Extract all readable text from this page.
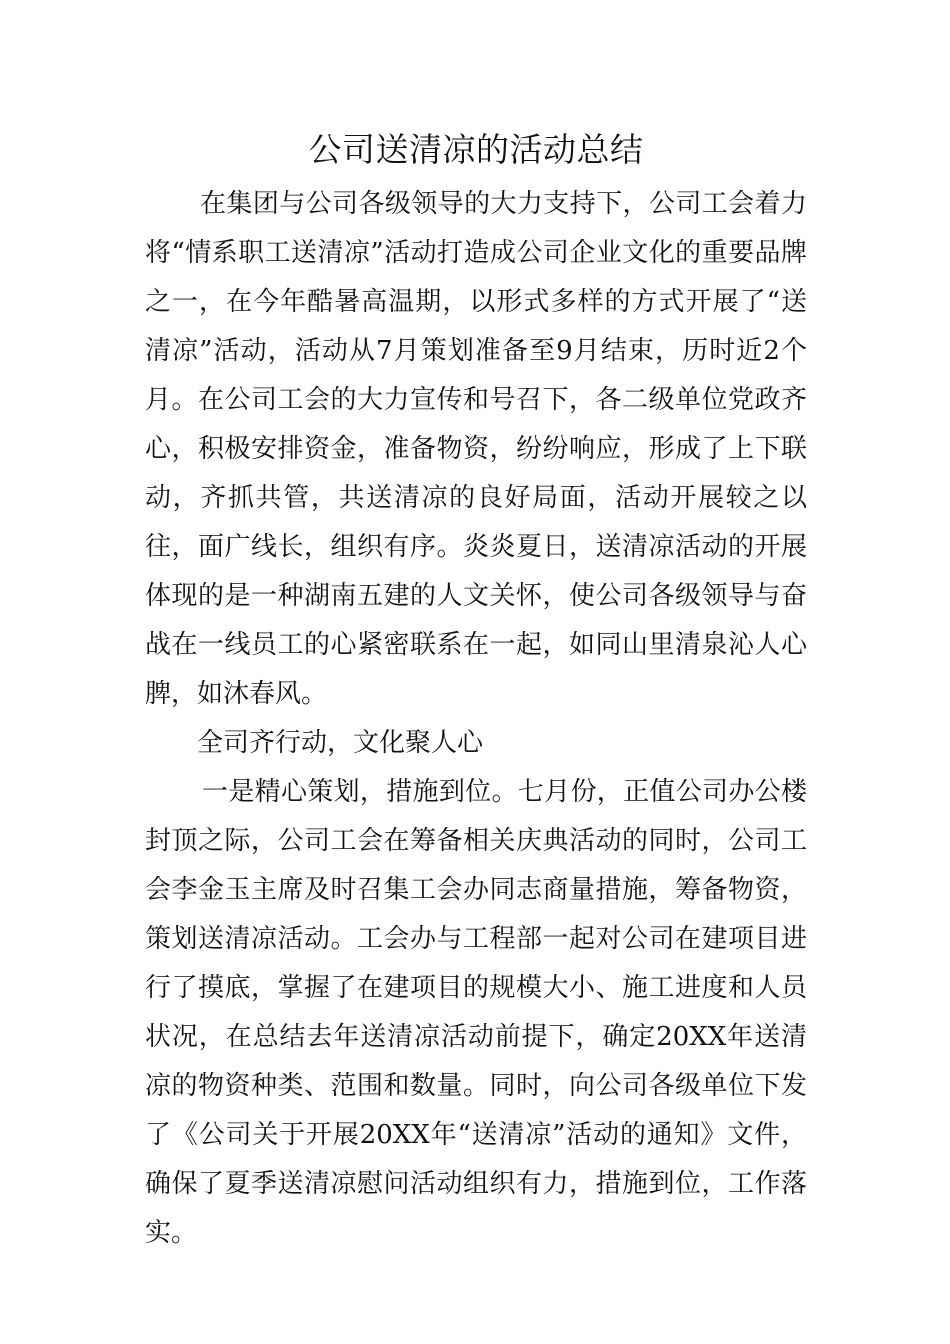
公司送清凉的活动总结

在集团与公司各级领导的大力支持下，公司工会着力将“情系职工送清凉”活动打造成公司企业文化的重要品牌之一，在今年酷暑高温期，以形式多样的方式开展了“送清凉”活动，活动从7月策划准备至9月结束，历时近2个月。在公司工会的大力宣传和号召下，各二级单位党政齐心，积极安排资金，准备物资，纷纷响应，形成了上下联动，齐抓共管，共送清凉的良好局面，活动开展较之以往，面广线长，组织有序。炎炎夏日，送清凉活动的开展体现的是一种湖南五建的人文关怀，使公司各级领导与奋战在一线员工的心紧密联系在一起，如同山里清泉沁人心脾，如沐春风。

全司齐行动，文化聚人心

一是精心策划，措施到位。七月份，正值公司办公楼封顶之际，公司工会在筹备相关庆典活动的同时，公司工会李金玉主席及时召集工会办同志商量措施，筹备物资，策划送清凉活动。工会办与工程部一起对公司在建项目进行了摸底，掌握了在建项目的规模大小、施工进度和人员状况，在总结去年送清凉活动前提下，确定20XX年送清凉的物资种类、范围和数量。同时，向公司各级单位下发了《公司关于开展20XX年“送清凉”活动的通知》文件，确保了夏季送清凉慰问活动组织有力，措施到位，工作落实。
